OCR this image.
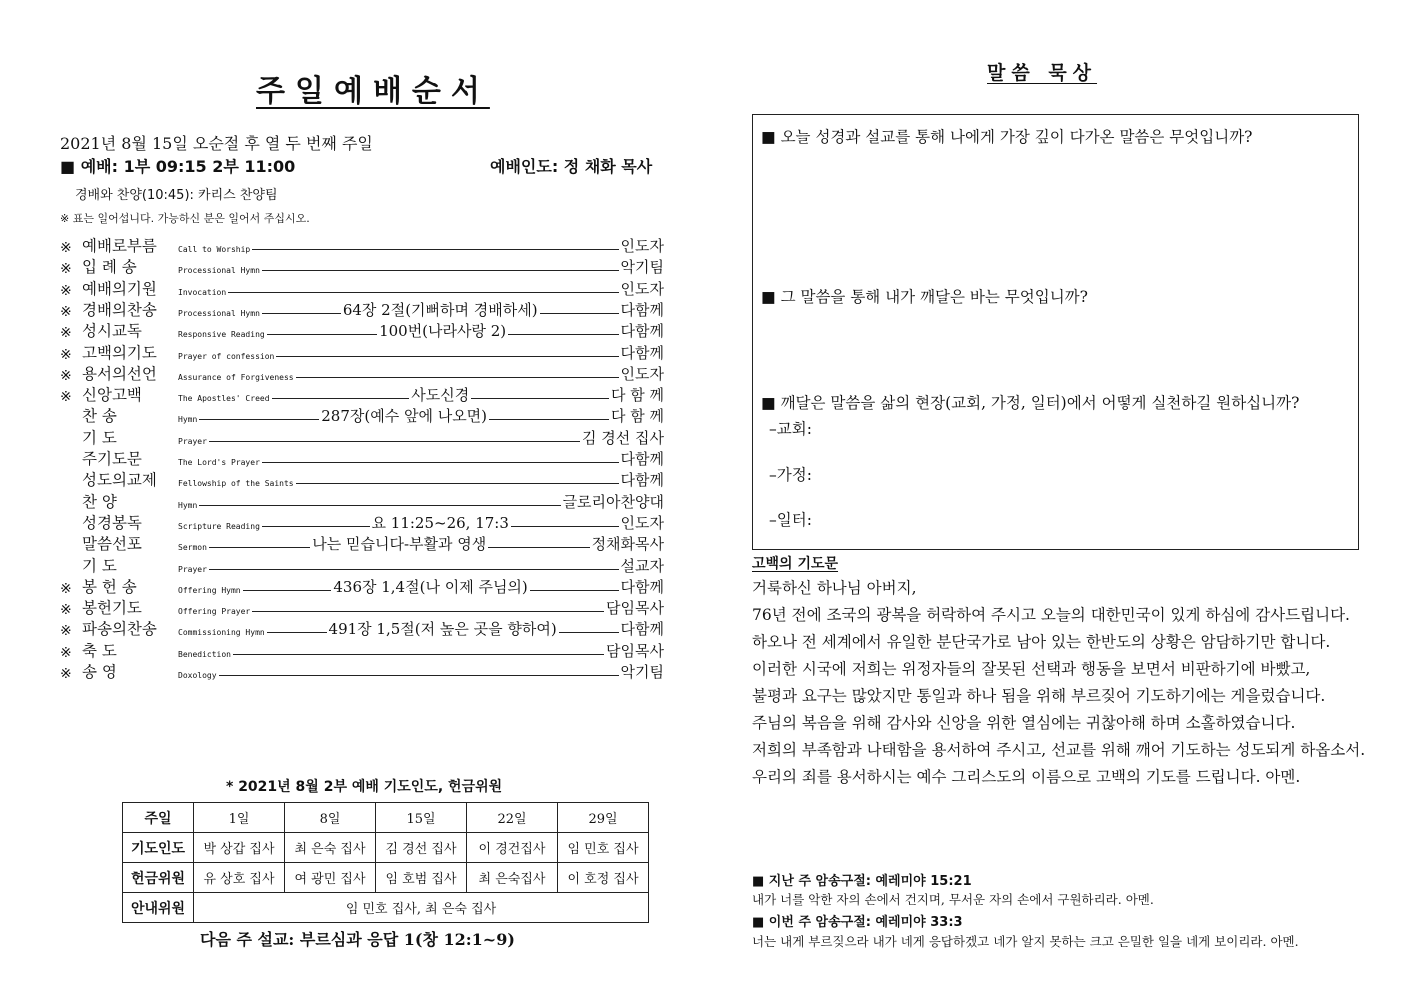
주일예배순서
2021년 8월 15일 오순절 후 열 두 번째 주일
■ 예배: 1부 09:15 2부 11:00	예배인도: 정 채화 목사
경배와 찬양(10:45): 카리스 찬양팀
※ 표는 일어섭니다. 가능하신 분은 일어서 주십시오.
※ 예배로부름	Call to Worship	인도자
※ 입 례 송	Processional Hymn	악기팀
※ 예배의기원	Invocation	인도자
※ 경배의찬송	Processional Hymn	64장 2절(기뻐하며 경배하세)	다함께
※ 성시교독	Responsive Reading	100번(나라사랑 2)	다함께
※ 고백의기도	Prayer of confession	다함께
※ 용서의선언	Assurance of Forgiveness	인도자
※ 신앙고백	The Apostles' Creed	사도신경	다 함 께
찬 송	Hymn	287장(예수 앞에 나오면)	다 함 께
기 도	Prayer	김 경선 집사
주기도문	The Lord's Prayer	다함께
성도의교제	Fellowship of the Saints	다함께
찬 양	Hymn	글로리아찬양대
성경봉독	Scripture Reading	요 11:25~26, 17:3	인도자
말씀선포	Sermon	나는 믿습니다-부활과 영생	정채화목사
기 도	Prayer	설교자
※ 봉 헌 송	Offering Hymn	436장 1,4절(나 이제 주님의)	다함께
※ 봉헌기도	Offering Prayer	담임목사
※ 파송의찬송	Commissioning Hymn	491장 1,5절(저 높은 곳을 향하여)	다함께
※ 축 도	Benediction	담임목사
※ 송 영	Doxology	악기팀
* 2021년 8월 2부 예배 기도인도, 헌금위원
주일	1일	8일	15일	22일	29일
기도인도	박 상갑 집사	최 은숙 집사	김 경선 집사	이 경건집사	임 민호 집사
헌금위원	유 상호 집사	여 광민 집사	임 호범 집사	최 은숙집사	이 호정 집사
안내위원	임 민호 집사, 최 은숙 집사				
다음 주 설교: 부르심과 응답 1(창 12:1~9)
말씀 묵상
■ 오늘 성경과 설교를 통해 나에게 가장 깊이 다가온 말씀은 무엇입니까?
■ 그 말씀을 통해 내가 깨달은 바는 무엇입니까?
■ 깨달은 말씀을 삶의 현장(교회, 가정, 일터)에서 어떻게 실천하길 원하십니까?
–교회:
–가정:
–일터:
고백의 기도문
거룩하신 하나님 아버지,
76년 전에 조국의 광복을 허락하여 주시고 오늘의 대한민국이 있게 하심에 감사드립니다.
하오나 전 세계에서 유일한 분단국가로 남아 있는 한반도의 상황은 암담하기만 합니다.
이러한 시국에 저희는 위정자들의 잘못된 선택과 행동을 보면서 비판하기에 바빴고,
불평과 요구는 많았지만 통일과 하나 됨을 위해 부르짖어 기도하기에는 게을렀습니다.
주님의 복음을 위해 감사와 신앙을 위한 열심에는 귀찮아해 하며 소홀하였습니다.
저희의 부족함과 나태함을 용서하여 주시고, 선교를 위해 깨어 기도하는 성도되게 하옵소서.
우리의 죄를 용서하시는 예수 그리스도의 이름으로 고백의 기도를 드립니다. 아멘.
■ 지난 주 암송구절: 예레미야 15:21
내가 너를 악한 자의 손에서 건지며, 무서운 자의 손에서 구원하리라. 아멘.
■ 이번 주 암송구절: 예레미야 33:3
너는 내게 부르짖으라 내가 네게 응답하겠고 네가 알지 못하는 크고 은밀한 일을 네게 보이리라. 아멘.
